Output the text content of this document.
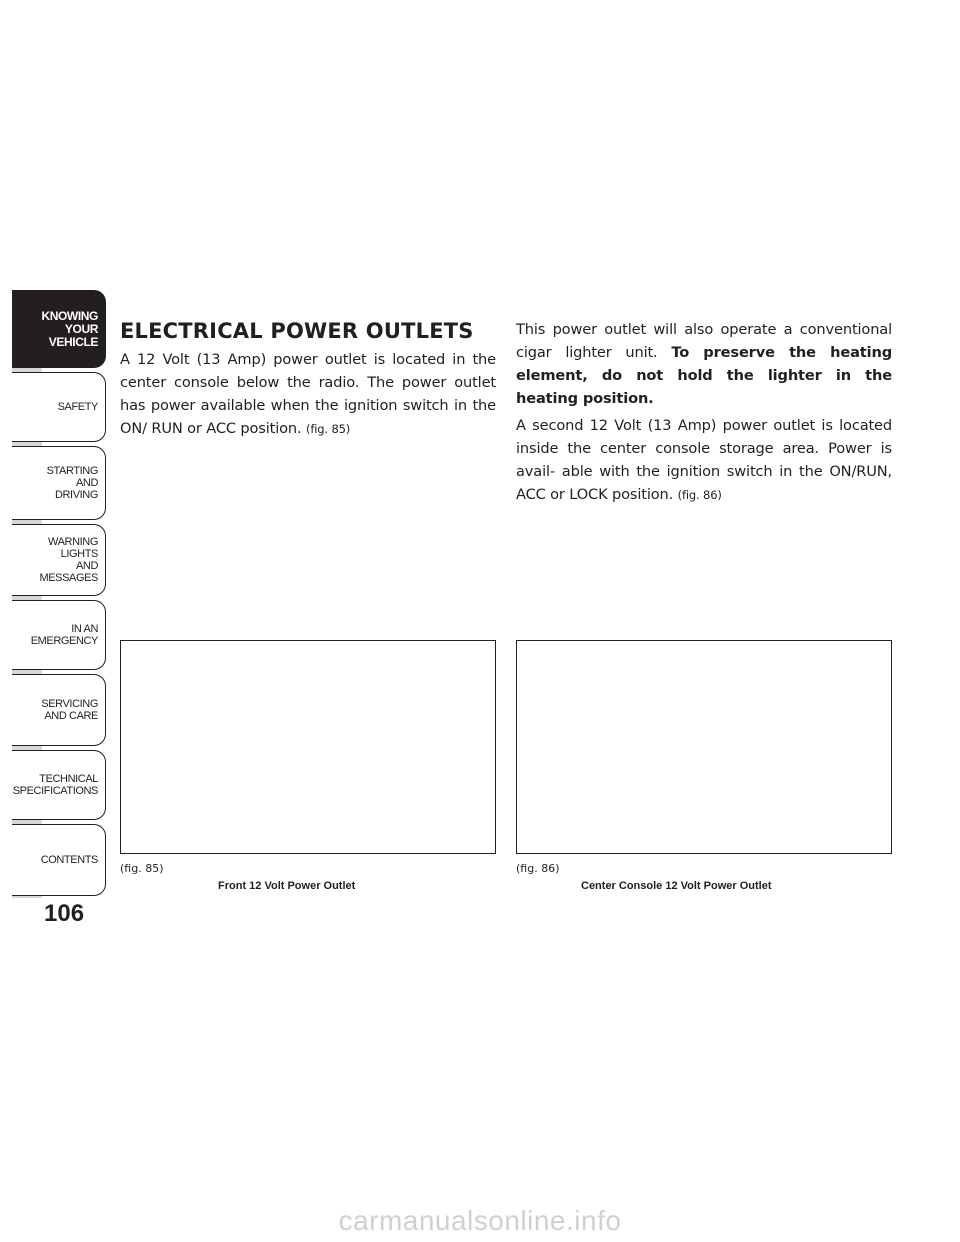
KNOWING
YOUR
VEHICLE
SAFETY
STARTING
AND
DRIVING
WARNING
LIGHTS
AND
MESSAGES
IN AN
EMERGENCY
SERVICING
AND CARE
TECHNICAL
SPECIFICATIONS
CONTENTS
106
ELECTRICAL POWER OUTLETS

A 12 Volt (13 Amp) power outlet is located in the center console below the radio. The power outlet has power available when the ignition switch in the ON/ RUN or ACC position. (fig. 85)

This power outlet will also operate a conventional cigar lighter unit. To preserve the heating element, do not hold the lighter in the heating position.

A second 12 Volt (13 Amp) power outlet is located inside the center console storage area. Power is avail- able with the ignition switch in the ON/RUN, ACC or LOCK position. (fig. 86)

(fig. 85)	(fig. 86)
Front 12 Volt Power Outlet	Center Console 12 Volt Power Outlet
carmanualsonline.info
